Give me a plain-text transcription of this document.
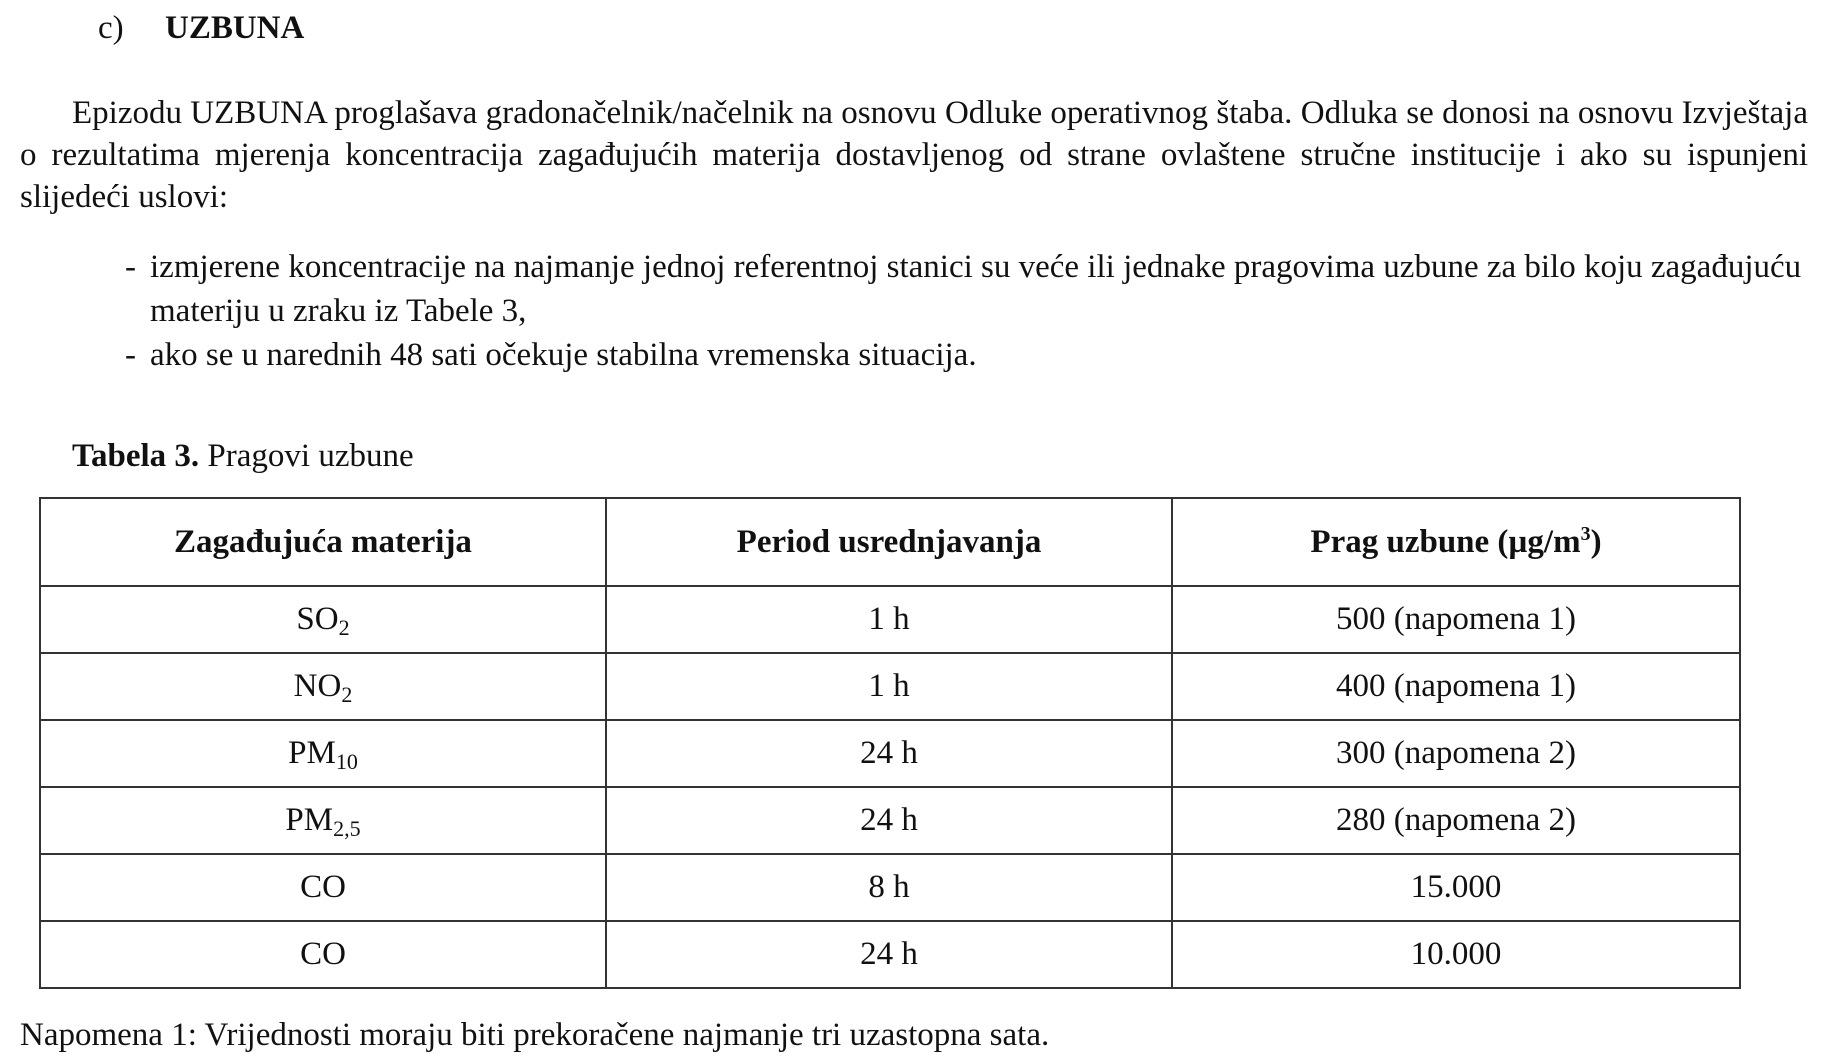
c) UZBUNA

Epizodu UZBUNA proglašava gradonačelnik/načelnik na osnovu Odluke operativnog štaba. Odluka se donosi na osnovu Izvještaja o rezultatima mjerenja koncentracija zagađujućih materija dostavljenog od strane ovlaštene stručne institucije i ako su ispunjeni slijedeći uslovi:

- izmjerene koncentracije na najmanje jednoj referentnoj stanici su veće ili jednake pragovima uzbune za bilo koju zagađujuću materiju u zraku iz Tabele 3,
- ako se u narednih 48 sati očekuje stabilna vremenska situacija.
Tabela 3. Pragovi uzbune
Zagađujuća materija	Period usrednjavanja	Prag uzbune $(\mu g/m^3)$
$SO_2$	1 h	500 (napomena 1)
$NO_2$	1 h	400 (napomena 1)
$PM_{10}$	24 h	300 (napomena 2)
$PM_{2,5}$	24 h	280 (napomena 2)
CO	8 h	15.000
CO	24 h	10.000
Napomena 1: Vrijednosti moraju biti prekoračene najmanje tri uzastopna sata.
